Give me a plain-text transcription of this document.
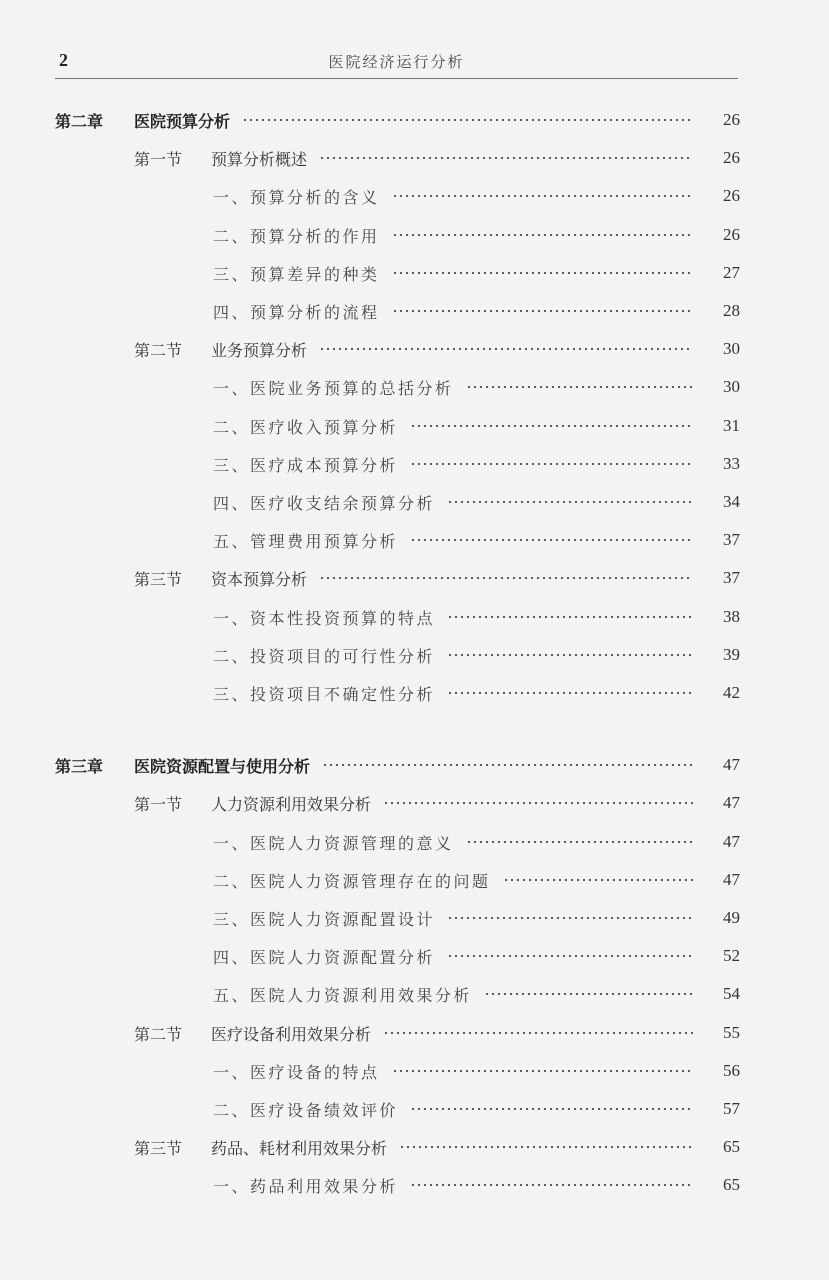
2	医院经济运行分析
第二章 医院预算分析	26
第一节 预算分析概述	26
一、预算分析的含义	26
二、预算分析的作用	26
三、预算差异的种类	27
四、预算分析的流程	28
第二节 业务预算分析	30
一、医院业务预算的总括分析	30
二、医疗收入预算分析	31
三、医疗成本预算分析	33
四、医疗收支结余预算分析	34
五、管理费用预算分析	37
第三节 资本预算分析	37
一、资本性投资预算的特点	38
二、投资项目的可行性分析	39
三、投资项目不确定性分析	42
第三章 医院资源配置与使用分析	47
第一节 人力资源利用效果分析	47
一、医院人力资源管理的意义	47
二、医院人力资源管理存在的问题	47
三、医院人力资源配置设计	49
四、医院人力资源配置分析	52
五、医院人力资源利用效果分析	54
第二节 医疗设备利用效果分析	55
一、医疗设备的特点	56
二、医疗设备绩效评价	57
第三节 药品、耗材利用效果分析	65
一、药品利用效果分析	65
